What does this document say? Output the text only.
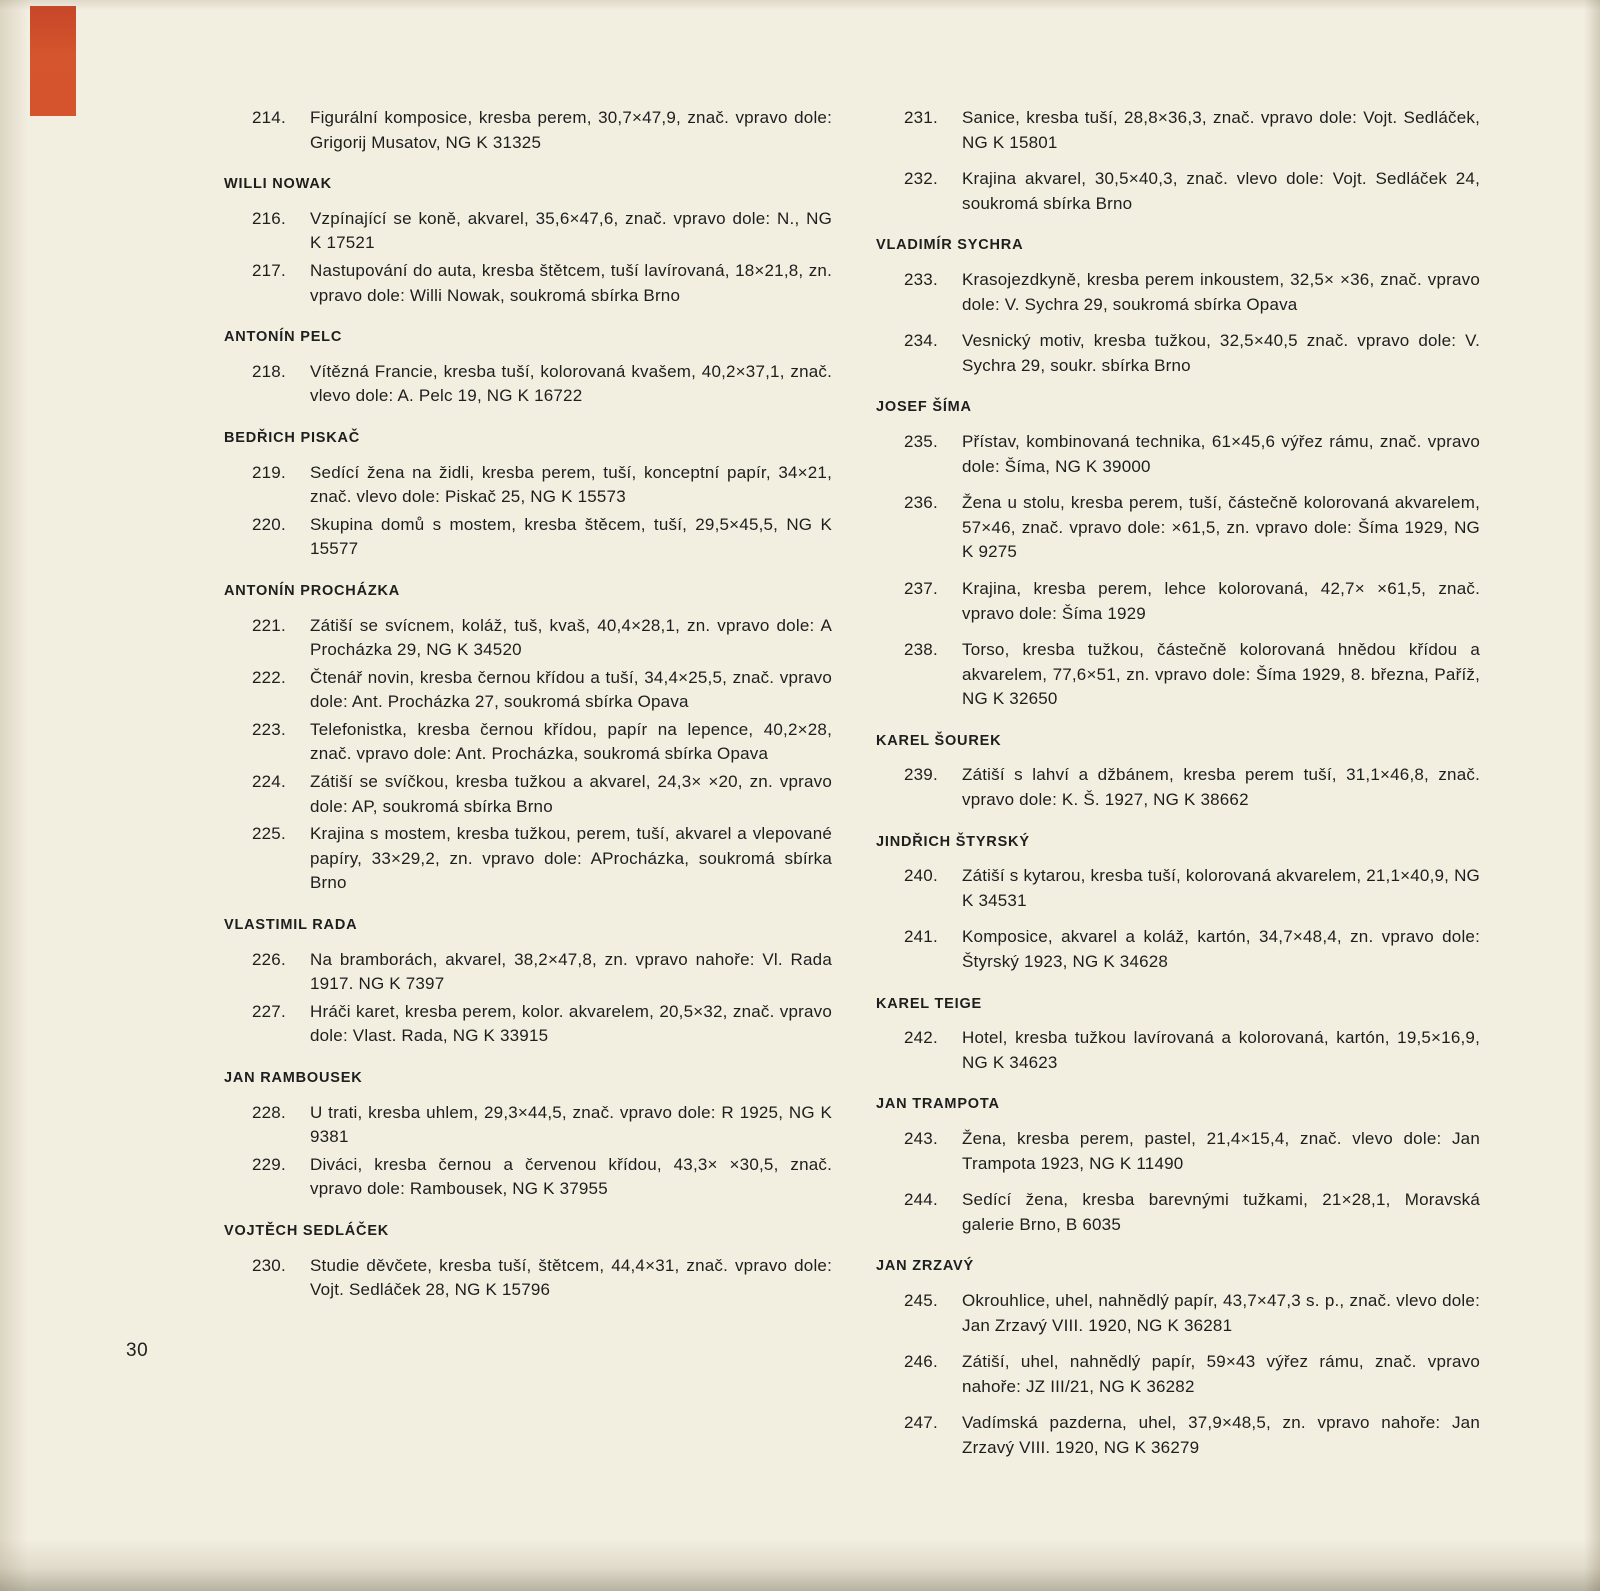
214. Figurální komposice, kresba perem, 30,7×47,9, znač. vpravo dole: Grigorij Musatov, NG K 31325
WILLI NOWAK
216. Vzpínající se koně, akvarel, 35,6×47,6, znač. vpravo dole: N., NG K 17521
217. Nastupování do auta, kresba štětcem, tuší lavírovaná, 18×21,8, zn. vpravo dole: Willi Nowak, soukromá sbírka Brno
ANTONÍN PELC
218. Vítězná Francie, kresba tuší, kolorovaná kvašem, 40,2×37,1, znač. vlevo dole: A. Pelc 19, NG K 16722
BEDŘICH PISKAČ
219. Sedící žena na židli, kresba perem, tuší, konceptní papír, 34×21, znač. vlevo dole: Piskač 25, NG K 15573
220. Skupina domů s mostem, kresba štěcem, tuší, 29,5×45,5, NG K 15577
ANTONÍN PROCHÁZKA
221. Zátiší se svícnem, koláž, tuš, kvaš, 40,4×28,1, zn. vpravo dole: A Procházka 29, NG K 34520
222. Čtenář novin, kresba černou křídou a tuší, 34,4×25,5, znač. vpravo dole: Ant. Procházka 27, soukromá sbírka Opava
223. Telefonistka, kresba černou křídou, papír na lepence, 40,2×28, znač. vpravo dole: Ant. Procházka, soukromá sbírka Opava
224. Zátiší se svíčkou, kresba tužkou a akvarel, 24,3× ×20, zn. vpravo dole: AP, soukromá sbírka Brno
225. Krajina s mostem, kresba tužkou, perem, tuší, akvarel a vlepované papíry, 33×29,2, zn. vpravo dole: AProcházka, soukromá sbírka Brno
VLASTIMIL RADA
226. Na bramborách, akvarel, 38,2×47,8, zn. vpravo nahoře: Vl. Rada 1917. NG K 7397
227. Hráči karet, kresba perem, kolor. akvarelem, 20,5×32, znač. vpravo dole: Vlast. Rada, NG K 33915
JAN RAMBOUSEK
228. U trati, kresba uhlem, 29,3×44,5, znač. vpravo dole: R 1925, NG K 9381
229. Diváci, kresba černou a červenou křídou, 43,3× ×30,5, znač. vpravo dole: Rambousek, NG K 37955
VOJTĚCH SEDLÁČEK
230. Studie děvčete, kresba tuší, štětcem, 44,4×31, znač. vpravo dole: Vojt. Sedláček 28, NG K 15796
231. Sanice, kresba tuší, 28,8×36,3, znač. vpravo dole: Vojt. Sedláček, NG K 15801
232. Krajina akvarel, 30,5×40,3, znač. vlevo dole: Vojt. Sedláček 24, soukromá sbírka Brno
VLADIMÍR SYCHRA
233. Krasojezdkyně, kresba perem inkoustem, 32,5× ×36, znač. vpravo dole: V. Sychra 29, soukromá sbírka Opava
234. Vesnický motiv, kresba tužkou, 32,5×40,5 znač. vpravo dole: V. Sychra 29, soukr. sbírka Brno
JOSEF ŠÍMA
235. Přístav, kombinovaná technika, 61×45,6 výřez rámu, znač. vpravo dole: Šíma, NG K 39000
236. Žena u stolu, kresba perem, tuší, částečně kolorovaná akvarelem, 57×46, znač. vpravo dole: ×61,5, zn. vpravo dole: Šíma 1929, NG K 9275
237. Krajina, kresba perem, lehce kolorovaná, 42,7× ×61,5, znač. vpravo dole: Šíma 1929
238. Torso, kresba tužkou, částečně kolorovaná hnědou křídou a akvarelem, 77,6×51, zn. vpravo dole: Šíma 1929, 8. března, Paříž, NG K 32650
KAREL ŠOUREK
239. Zátiší s lahví a džbánem, kresba perem tuší, 31,1×46,8, znač. vpravo dole: K. Š. 1927, NG K 38662
JINDŘICH ŠTYRSKÝ
240. Zátiší s kytarou, kresba tuší, kolorovaná akvarelem, 21,1×40,9, NG K 34531
241. Komposice, akvarel a koláž, kartón, 34,7×48,4, zn. vpravo dole: Štyrský 1923, NG K 34628
KAREL TEIGE
242. Hotel, kresba tužkou lavírovaná a kolorovaná, kartón, 19,5×16,9, NG K 34623
JAN TRAMPOTA
243. Žena, kresba perem, pastel, 21,4×15,4, znač. vlevo dole: Jan Trampota 1923, NG K 11490
244. Sedící žena, kresba barevnými tužkami, 21×28,1, Moravská galerie Brno, B 6035
JAN ZRZAVÝ
245. Okrouhlice, uhel, nahnědlý papír, 43,7×47,3 s. p., znač. vlevo dole: Jan Zrzavý VIII. 1920, NG K 36281
246. Zátiší, uhel, nahnědlý papír, 59×43 výřez rámu, znač. vpravo nahoře: JZ III/21, NG K 36282
247. Vadímská pazderna, uhel, 37,9×48,5, zn. vpravo nahoře: Jan Zrzavý VIII. 1920, NG K 36279
30
